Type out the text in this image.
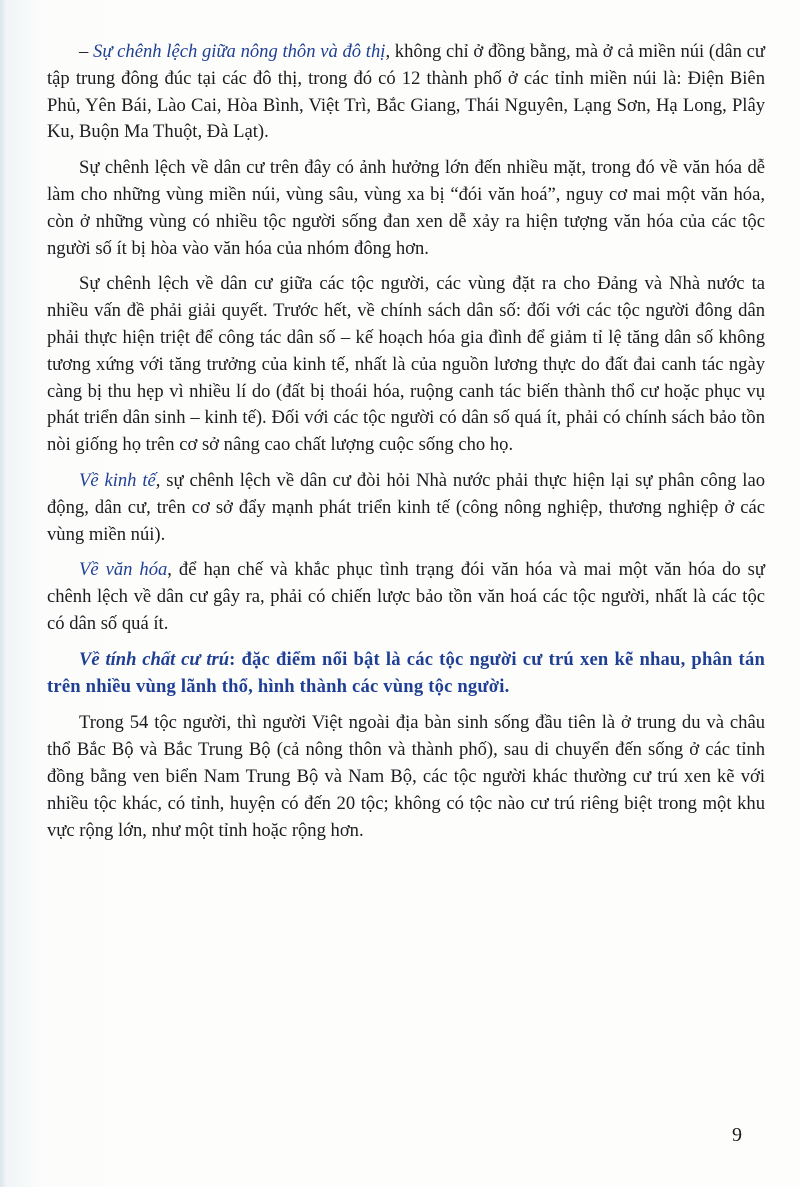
– Sự chênh lệch giữa nông thôn và đô thị, không chỉ ở đồng bằng, mà ở cả miền núi (dân cư tập trung đông đúc tại các đô thị, trong đó có 12 thành phố ở các tỉnh miền núi là: Điện Biên Phủ, Yên Bái, Lào Cai, Hòa Bình, Việt Trì, Bắc Giang, Thái Nguyên, Lạng Sơn, Hạ Long, Plây Ku, Buộn Ma Thuột, Đà Lạt).

Sự chênh lệch về dân cư trên đây có ảnh hưởng lớn đến nhiều mặt, trong đó về văn hóa dễ làm cho những vùng miền núi, vùng sâu, vùng xa bị “đói văn hoá”, nguy cơ mai một văn hóa, còn ở những vùng có nhiều tộc người sống đan xen dễ xảy ra hiện tượng văn hóa của các tộc người số ít bị hòa vào văn hóa của nhóm đông hơn.

Sự chênh lệch về dân cư giữa các tộc người, các vùng đặt ra cho Đảng và Nhà nước ta nhiều vấn đề phải giải quyết. Trước hết, về chính sách dân số: đối với các tộc người đông dân phải thực hiện triệt để công tác dân số – kế hoạch hóa gia đình để giảm tỉ lệ tăng dân số không tương xứng với tăng trưởng của kinh tế, nhất là của nguồn lương thực do đất đai canh tác ngày càng bị thu hẹp vì nhiều lí do (đất bị thoái hóa, ruộng canh tác biến thành thổ cư hoặc phục vụ phát triển dân sinh – kinh tế). Đối với các tộc người có dân số quá ít, phải có chính sách bảo tồn nòi giống họ trên cơ sở nâng cao chất lượng cuộc sống cho họ.

Về kinh tế, sự chênh lệch về dân cư đòi hỏi Nhà nước phải thực hiện lại sự phân công lao động, dân cư, trên cơ sở đẩy mạnh phát triển kinh tế (công nông nghiệp, thương nghiệp ở các vùng miền núi).

Về văn hóa, để hạn chế và khắc phục tình trạng đói văn hóa và mai một văn hóa do sự chênh lệch về dân cư gây ra, phải có chiến lược bảo tồn văn hoá các tộc người, nhất là các tộc có dân số quá ít.

Về tính chất cư trú: đặc điểm nổi bật là các tộc người cư trú xen kẽ nhau, phân tán trên nhiều vùng lãnh thổ, hình thành các vùng tộc người.

Trong 54 tộc người, thì người Việt ngoài địa bàn sinh sống đầu tiên là ở trung du và châu thổ Bắc Bộ và Bắc Trung Bộ (cả nông thôn và thành phố), sau di chuyển đến sống ở các tỉnh đồng bằng ven biển Nam Trung Bộ và Nam Bộ, các tộc người khác thường cư trú xen kẽ với nhiều tộc khác, có tỉnh, huyện có đến 20 tộc; không có tộc nào cư trú riêng biệt trong một khu vực rộng lớn, như một tỉnh hoặc rộng hơn.

9
